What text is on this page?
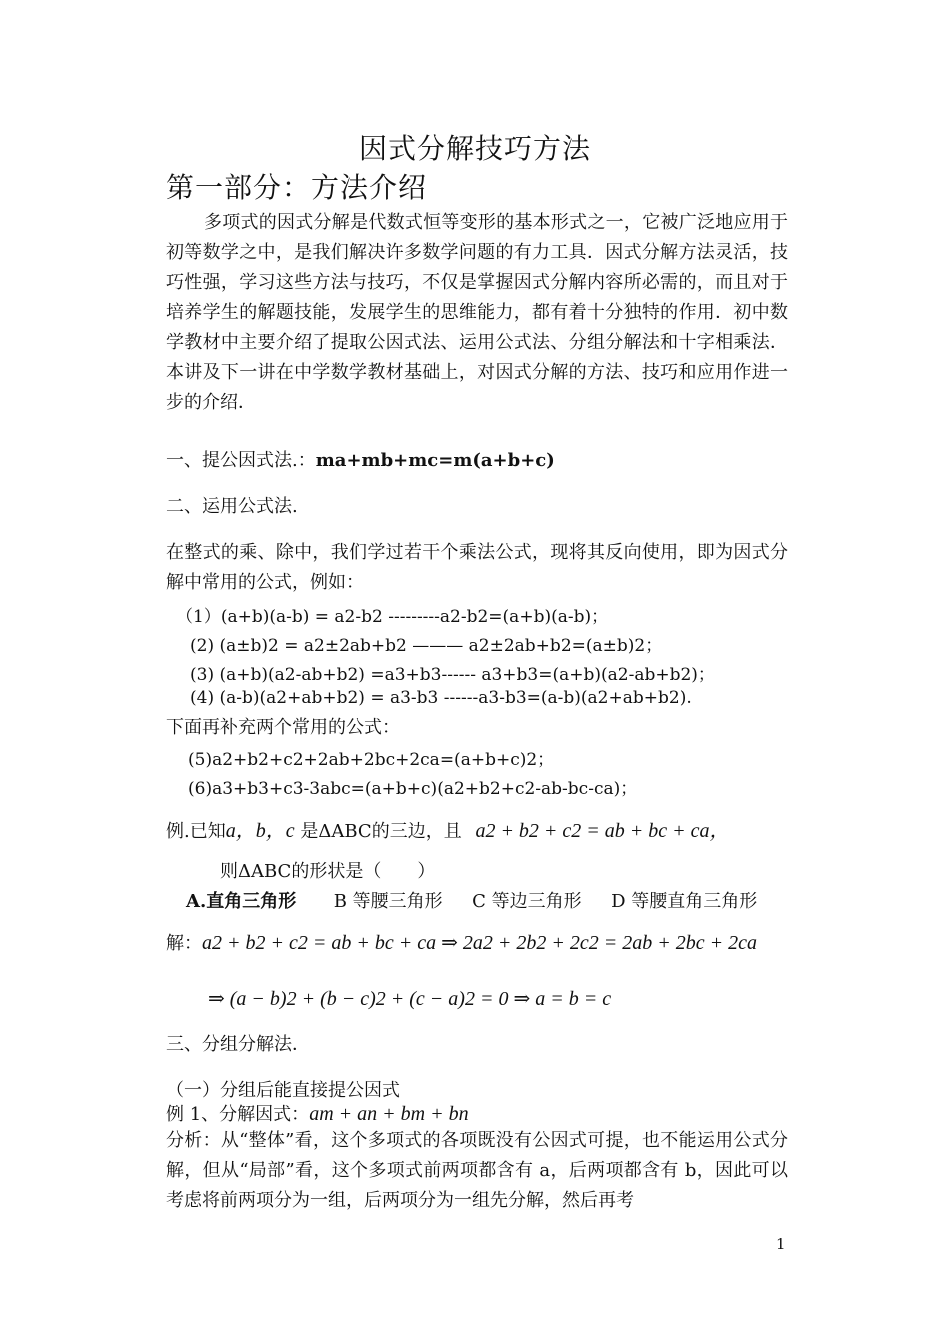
因式分解技巧方法
第一部分：方法介绍

多项式的因式分解是代数式恒等变形的基本形式之一，它被广泛地应用于初等数学之中，是我们解决许多数学问题的有力工具．因式分解方法灵活，技巧性强，学习这些方法与技巧，不仅是掌握因式分解内容所必需的，而且对于培养学生的解题技能，发展学生的思维能力，都有着十分独特的作用．初中数学教材中主要介绍了提取公因式法、运用公式法、分组分解法和十字相乘法．本讲及下一讲在中学数学教材基础上，对因式分解的方法、技巧和应用作进一步的介绍．

一、提公因式法.：ma+mb+mc=m(a+b+c)
二、运用公式法.

在整式的乘、除中，我们学过若干个乘法公式，现将其反向使用，即为因式分解中常用的公式，例如：

（1）(a+b)(a-b) = a2-b2 ---------a2-b2=(a+b)(a-b)；
(2) (a±b)2 = a2±2ab+b2 ——— a2±2ab+b2=(a±b)2；
(3) (a+b)(a2-ab+b2) =a3+b3------ a3+b3=(a+b)(a2-ab+b2)；
(4) (a-b)(a2+ab+b2) = a3-b3 ------a3-b3=(a-b)(a2+ab+b2).
下面再补充两个常用的公式：
(5)a2+b2+c2+2ab+2bc+2ca=(a+b+c)2；
(6)a3+b3+c3-3abc=(a+b+c)(a2+b2+c2-ab-bc-ca)；
例.已知a，b，c 是ΔABC的三边，且 a2 + b2 + c2 = ab + bc + ca，
则ΔABC的形状是（　　）
A.直角三角形 B 等腰三角形 C 等边三角形 D 等腰直角三角形
解：a2 + b2 + c2 = ab + bc + ca ⇒ 2a2 + 2b2 + 2c2 = 2ab + 2bc + 2ca
⇒ (a − b)2 + (b − c)2 + (c − a)2 = 0 ⇒ a = b = c
三、分组分解法．
（一）分组后能直接提公因式
例 1、分解因式：am + an + bm + bn

分析：从“整体”看，这个多项式的各项既没有公因式可提，也不能运用公式分解，但从“局部”看，这个多项式前两项都含有 a，后两项都含有 b，因此可以考虑将前两项分为一组，后两项分为一组先分解，然后再考

1
